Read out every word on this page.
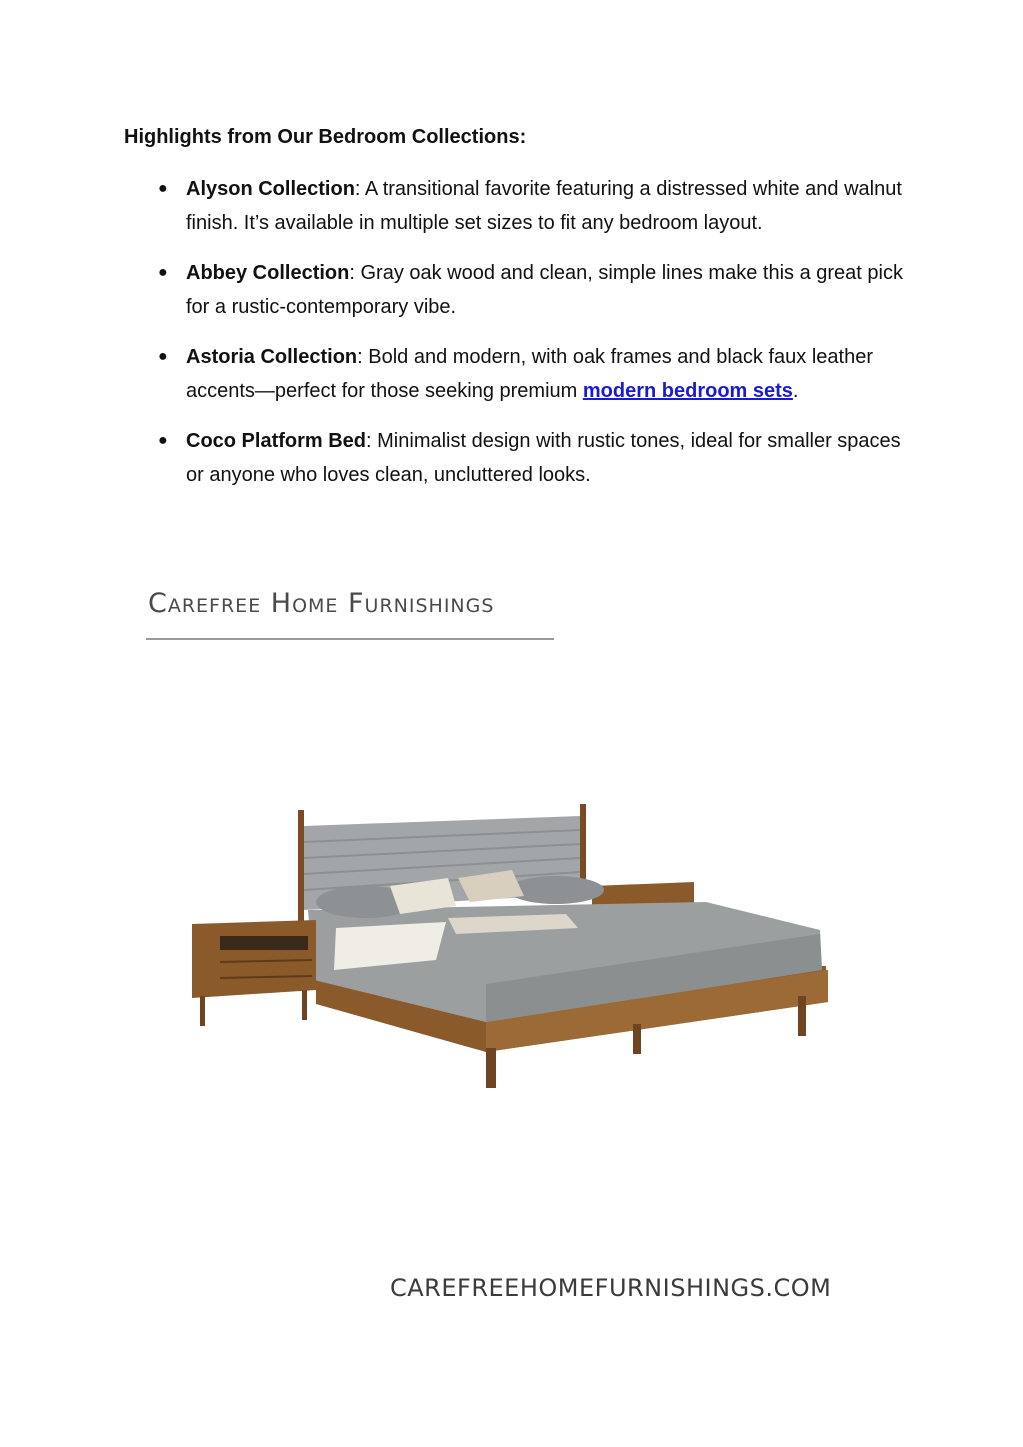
Highlights from Our Bedroom Collections:
● Alyson Collection: A transitional favorite featuring a distressed white and walnut finish. It’s available in multiple set sizes to fit any bedroom layout.
● Abbey Collection: Gray oak wood and clean, simple lines make this a great pick for a rustic-contemporary vibe.
● Astoria Collection: Bold and modern, with oak frames and black faux leather accents—perfect for those seeking premium modern bedroom sets.
● Coco Platform Bed: Minimalist design with rustic tones, ideal for smaller spaces or anyone who loves clean, uncluttered looks.
Carefree Home Furnishings
CAREFREEHOMEFURNISHINGS.COM
